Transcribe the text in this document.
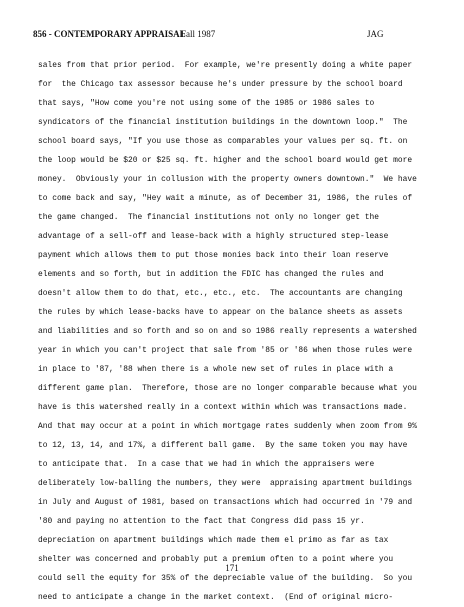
856 - CONTEMPORARY APPRAISAL
Fall 1987	JAG
sales from that prior period.  For example, we're presently doing a white paper
for  the Chicago tax assessor because he's under pressure by the school board
that says, "How come you're not using some of the 1985 or 1986 sales to
syndicators of the financial institution buildings in the downtown loop."  The
school board says, "If you use those as comparables your values per sq. ft. on
the loop would be $20 or $25 sq. ft. higher and the school board would get more
money.  Obviously your in collusion with the property owners downtown."  We have
to come back and say, "Hey wait a minute, as of December 31, 1986, the rules of
the game changed.  The financial institutions not only no longer get the
advantage of a sell-off and lease-back with a highly structured step-lease
payment which allows them to put those monies back into their loan reserve
elements and so forth, but in addition the FDIC has changed the rules and
doesn't allow them to do that, etc., etc., etc.  The accountants are changing
the rules by which lease-backs have to appear on the balance sheets as assets
and liabilities and so forth and so on and so 1986 really represents a watershed
year in which you can't project that sale from '85 or '86 when those rules were
in place to '87, '88 when there is a whole new set of rules in place with a
different game plan.  Therefore, those are no longer comparable because what you
have is this watershed really in a context within which was transactions made.
And that may occur at a point in which mortgage rates suddenly when zoom from 9%
to 12, 13, 14, and 17%, a different ball game.  By the same token you may have
to anticipate that.  In a case that we had in which the appraisers were
deliberately low-balling the numbers, they were  appraising apartment buildings
in July and August of 1981, based on transactions which had occurred in '79 and
'80 and paying no attention to the fact that Congress did pass 15 yr.
depreciation on apartment buildings which made them el primo as far as tax
shelter was concerned and probably put a premium often to a point where you
could sell the equity for 35% of the depreciable value of the building.  So you
need to anticipate a change in the market context.  (End of original micro-
171
